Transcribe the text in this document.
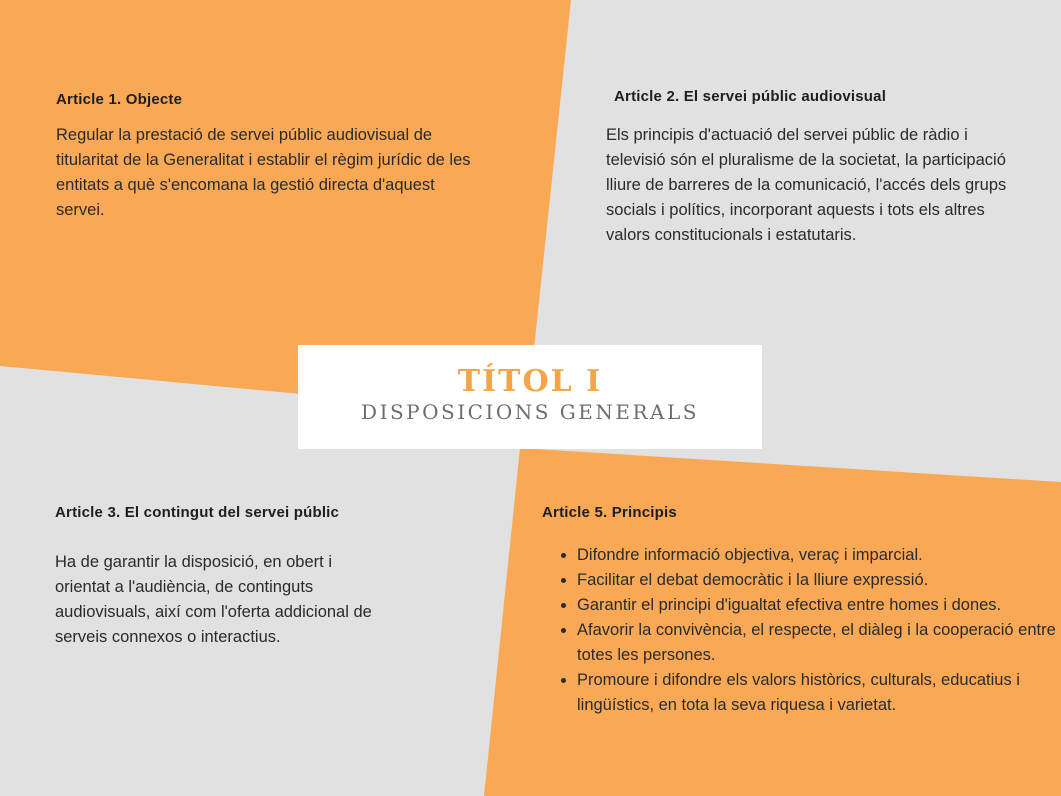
Article 1. Objecte

Regular la prestació de servei públic audiovisual de titularitat de la Generalitat i establir el règim jurídic de les entitats a què s'encomana la gestió directa d'aquest servei.

Article 2. El servei públic audiovisual

Els principis d'actuació del servei públic de ràdio i televisió són el pluralisme de la societat, la participació lliure de barreres de la comunicació, l'accés dels grups socials i polítics, incorporant aquests i tots els altres valors constitucionals i estatutaris.

TÍTOL I
DISPOSICIONS GENERALS
Article 3. El contingut del servei públic

Ha de garantir la disposició, en obert i orientat a l'audiència, de continguts audiovisuals, així com l'oferta addicional de serveis connexos o interactius.

Article 5. Principis
• Difondre informació objectiva, veraç i imparcial.
• Facilitar el debat democràtic i la lliure expressió.
• Garantir el principi d'igualtat efectiva entre homes i dones.
• Afavorir la convivència, el respecte, el diàleg i la cooperació entre totes les persones.
• Promoure i difondre els valors històrics, culturals, educatius i lingüístics, en tota la seva riquesa i varietat.
